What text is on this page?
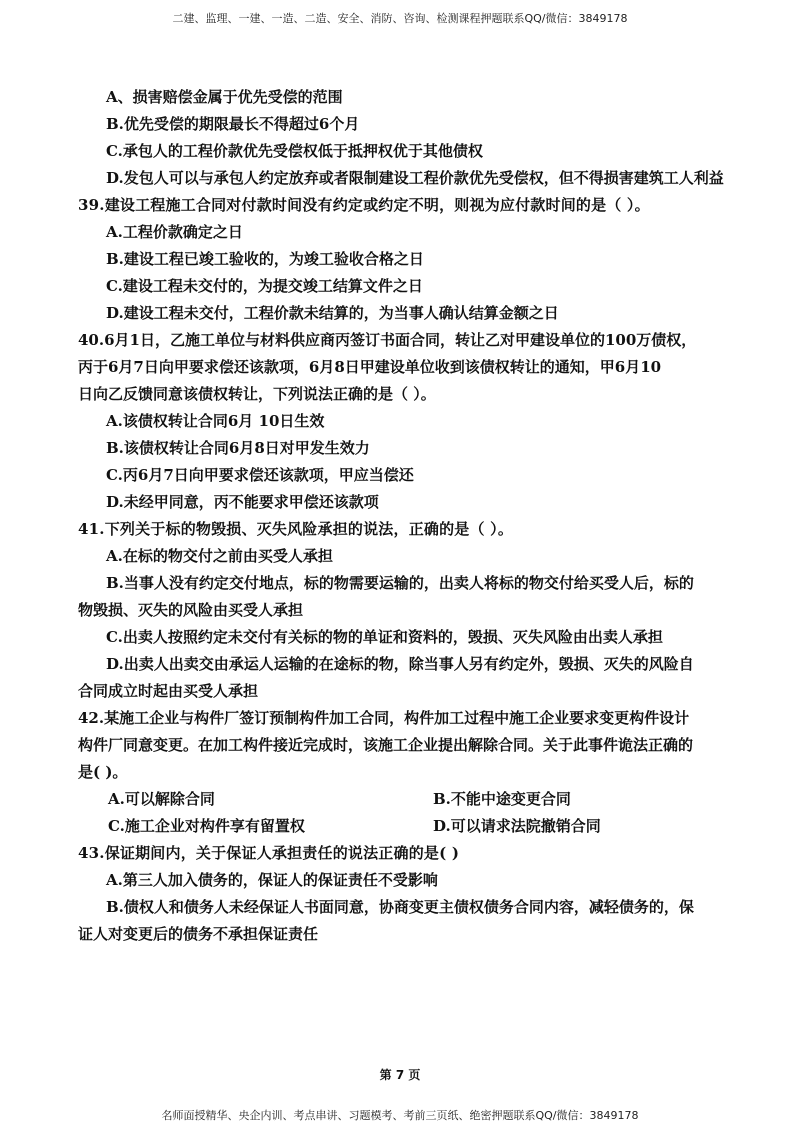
二建、监理、一建、一造、二造、安全、消防、咨询、检测课程押题联系QQ/微信：3849178

A、损害赔偿金属于优先受偿的范围

B.优先受偿的期限最长不得超过6个月

C.承包人的工程价款优先受偿权低于抵押权优于其他债权

D.发包人可以与承包人约定放弃或者限制建设工程价款优先受偿权，但不得损害建筑工人利益

39.建设工程施工合同对付款时间没有约定或约定不明，则视为应付款时间的是（ ）。

A.工程价款确定之日

B.建设工程已竣工验收的，为竣工验收合格之日

C.建设工程未交付的，为提交竣工结算文件之日

D.建设工程未交付，工程价款未结算的，为当事人确认结算金额之日

40.6月1日，乙施工单位与材料供应商丙签订书面合同，转让乙对甲建设单位的100万债权，
丙于6月7日向甲要求偿还该款项，6月8日甲建设单位收到该债权转让的通知，甲6月10
日向乙反馈同意该债权转让，下列说法正确的是（ ）。

A.该债权转让合同6月 10日生效

B.该债权转让合同6月8日对甲发生效力

C.丙6月7日向甲要求偿还该款项，甲应当偿还

D.未经甲同意，丙不能要求甲偿还该款项

41.下列关于标的物毁损、灭失风险承担的说法，正确的是（ ）。

A.在标的物交付之前由买受人承担

B.当事人没有约定交付地点，标的物需要运输的，出卖人将标的物交付给买受人后，标的
物毁损、灭失的风险由买受人承担

C.出卖人按照约定未交付有关标的物的单证和资料的，毁损、灭失风险由出卖人承担

D.出卖人出卖交由承运人运输的在途标的物，除当事人另有约定外，毁损、灭失的风险自
合同成立时起由买受人承担
42.某施工企业与构件厂签订预制构件加工合同，构件加工过程中施工企业要求变更构件设计
构件厂同意变更。在加工构件接近完成时，该施工企业提出解除合同。关于此事件诡法正确的
是( )。
A.可以解除合同	B.不能中途变更合同
C.施工企业对构件享有留置权	D.可以请求法院撤销合同

43.保证期间内，关于保证人承担责任的说法正确的是( )

A.第三人加入债务的，保证人的保证责任不受影响

B.债权人和债务人未经保证人书面同意，协商变更主债权债务合同内容，减轻债务的，保
证人对变更后的债务不承担保证责任
第 7 页
名师面授精华、央企内训、考点串讲、习题模考、考前三页纸、绝密押题联系QQ/微信：3849178
